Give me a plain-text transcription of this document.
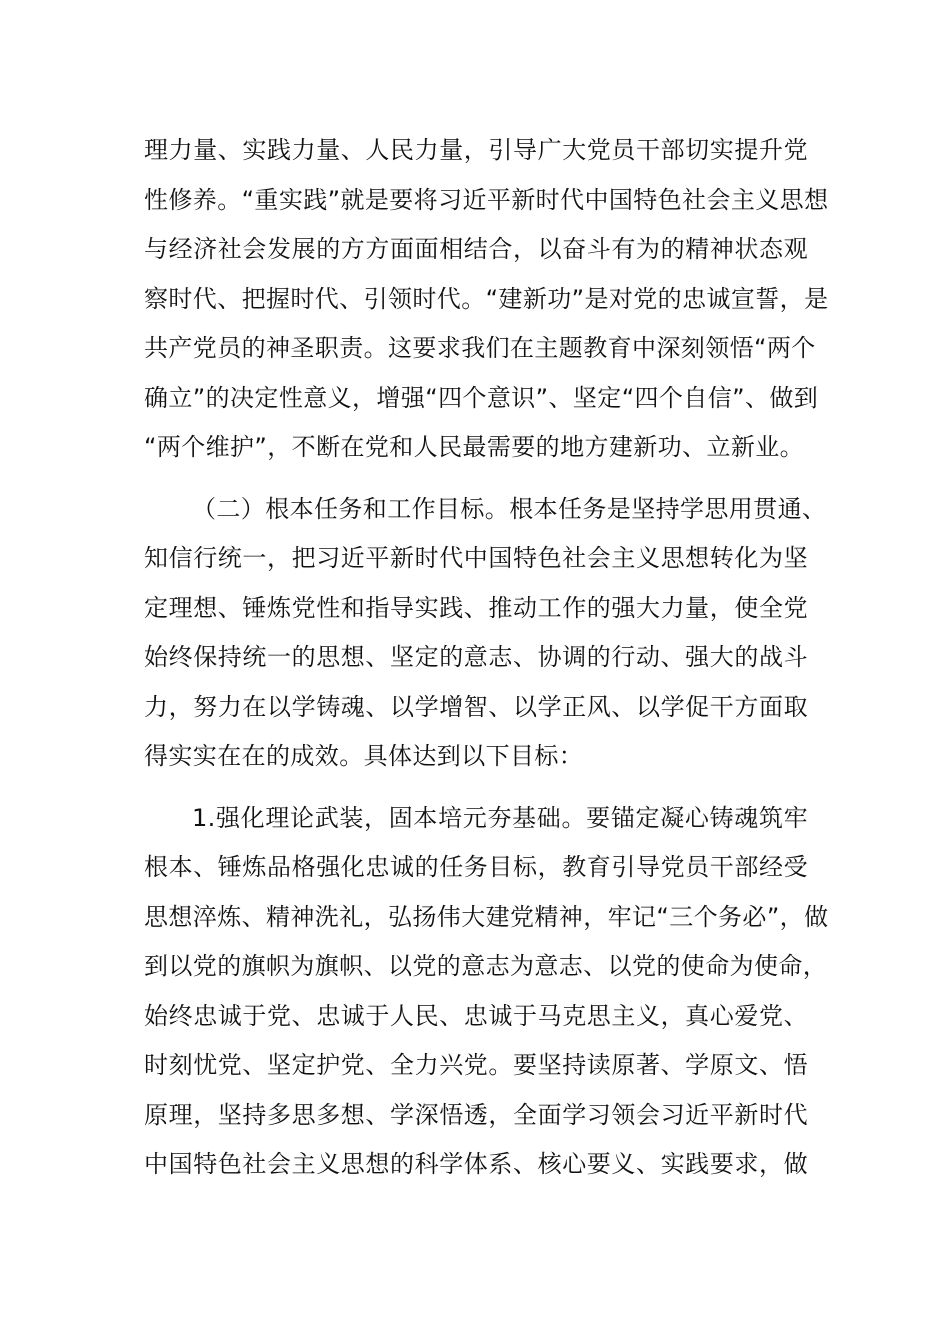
理力量、实践力量、人民力量，引导广大党员干部切实提升党
性修养。“重实践”就是要将习近平新时代中国特色社会主义思想
与经济社会发展的方方面面相结合，以奋斗有为的精神状态观
察时代、把握时代、引领时代。“建新功”是对党的忠诚宣誓，是
共产党员的神圣职责。这要求我们在主题教育中深刻领悟“两个
确立”的决定性意义，增强“四个意识”、坚定“四个自信”、做到
“两个维护”，不断在党和人民最需要的地方建新功、立新业。
（二）根本任务和工作目标。根本任务是坚持学思用贯通、
知信行统一，把习近平新时代中国特色社会主义思想转化为坚
定理想、锤炼党性和指导实践、推动工作的强大力量，使全党
始终保持统一的思想、坚定的意志、协调的行动、强大的战斗
力，努力在以学铸魂、以学增智、以学正风、以学促干方面取
得实实在在的成效。具体达到以下目标：
1.强化理论武装，固本培元夯基础。要锚定凝心铸魂筑牢
根本、锤炼品格强化忠诚的任务目标，教育引导党员干部经受
思想淬炼、精神洗礼，弘扬伟大建党精神，牢记“三个务必”，做
到以党的旗帜为旗帜、以党的意志为意志、以党的使命为使命，
始终忠诚于党、忠诚于人民、忠诚于马克思主义，真心爱党、
时刻忧党、坚定护党、全力兴党。要坚持读原著、学原文、悟
原理，坚持多思多想、学深悟透，全面学习领会习近平新时代
中国特色社会主义思想的科学体系、核心要义、实践要求，做
